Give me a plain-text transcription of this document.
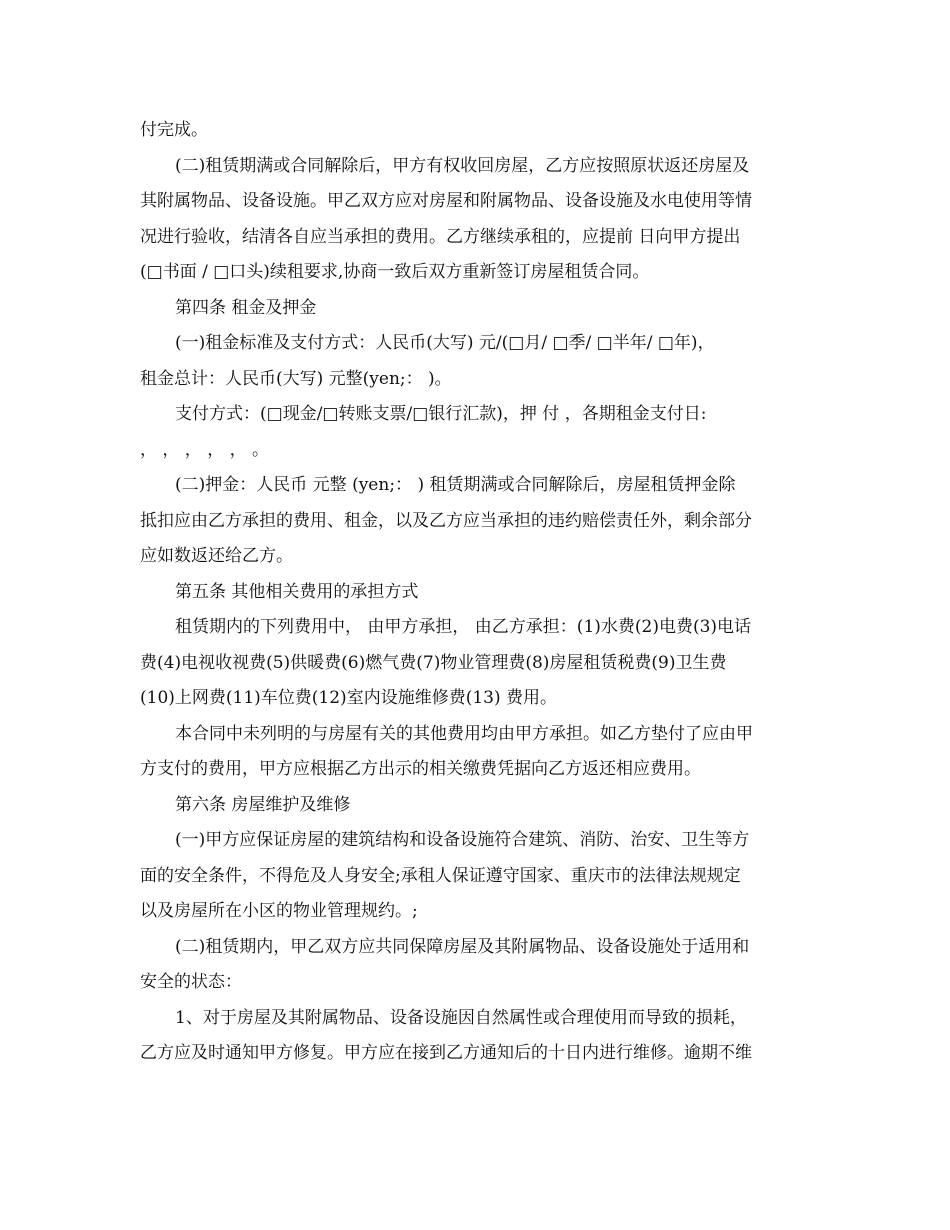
付完成。
(二)租赁期满或合同解除后，甲方有权收回房屋，乙方应按照原状返还房屋及
其附属物品、设备设施。甲乙双方应对房屋和附属物品、设备设施及水电使用等情
况进行验收，结清各自应当承担的费用。乙方继续承租的，应提前 日向甲方提出
(□书面 / □口头)续租要求,协商一致后双方重新签订房屋租赁合同。
第四条 租金及押金
(一)租金标准及支付方式：人民币(大写) 元/(□月/ □季/ □半年/ □年)，
租金总计：人民币(大写) 元整(yen;： )。
支付方式：(□现金/□转账支票/□银行汇款)，押 付 ，各期租金支付日:
， ， ， ， ， 。
(二)押金：人民币 元整 (yen;： ) 租赁期满或合同解除后，房屋租赁押金除
抵扣应由乙方承担的费用、租金，以及乙方应当承担的违约赔偿责任外，剩余部分
应如数返还给乙方。
第五条 其他相关费用的承担方式
租赁期内的下列费用中， 由甲方承担， 由乙方承担：(1)水费(2)电费(3)电话
费(4)电视收视费(5)供暖费(6)燃气费(7)物业管理费(8)房屋租赁税费(9)卫生费
(10)上网费(11)车位费(12)室内设施维修费(13) 费用。
本合同中未列明的与房屋有关的其他费用均由甲方承担。如乙方垫付了应由甲
方支付的费用，甲方应根据乙方出示的相关缴费凭据向乙方返还相应费用。
第六条 房屋维护及维修
(一)甲方应保证房屋的建筑结构和设备设施符合建筑、消防、治安、卫生等方
面的安全条件，不得危及人身安全;承租人保证遵守国家、重庆市的法律法规规定
以及房屋所在小区的物业管理规约。;
(二)租赁期内，甲乙双方应共同保障房屋及其附属物品、设备设施处于适用和
安全的状态：
1、对于房屋及其附属物品、设备设施因自然属性或合理使用而导致的损耗，
乙方应及时通知甲方修复。甲方应在接到乙方通知后的十日内进行维修。逾期不维
